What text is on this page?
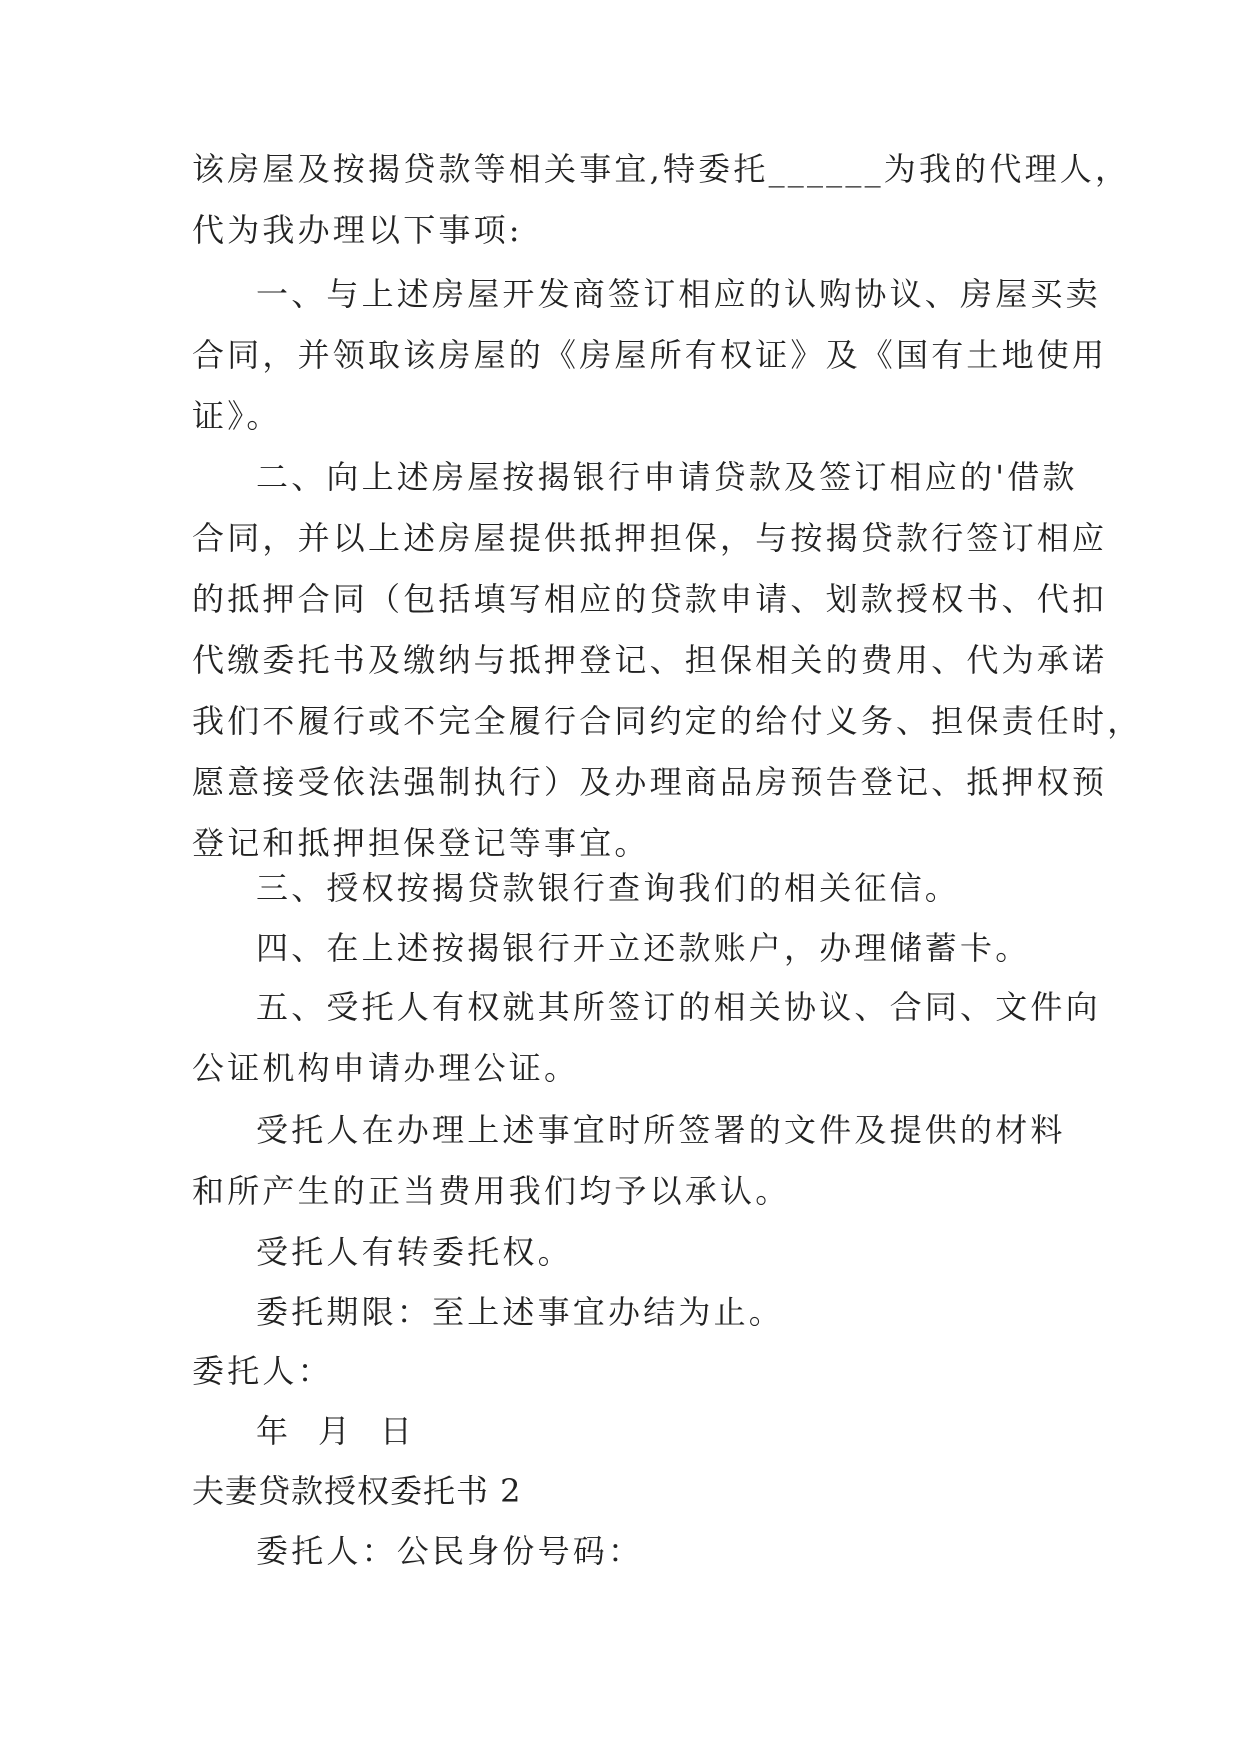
该房屋及按揭贷款等相关事宜,特委托______为我的代理人，
代为我办理以下事项:
一、与上述房屋开发商签订相应的认购协议、房屋买卖
合同，并领取该房屋的《房屋所有权证》及《国有土地使用
证》。
二、向上述房屋按揭银行申请贷款及签订相应的'借款
合同，并以上述房屋提供抵押担保，与按揭贷款行签订相应
的抵押合同（包括填写相应的贷款申请、划款授权书、代扣
代缴委托书及缴纳与抵押登记、担保相关的费用、代为承诺
我们不履行或不完全履行合同约定的给付义务、担保责任时，
愿意接受依法强制执行）及办理商品房预告登记、抵押权预
登记和抵押担保登记等事宜。
三、授权按揭贷款银行查询我们的相关征信。
四、在上述按揭银行开立还款账户，办理储蓄卡。
五、受托人有权就其所签订的相关协议、合同、文件向
公证机构申请办理公证。
受托人在办理上述事宜时所签署的文件及提供的材料
和所产生的正当费用我们均予以承认。
受托人有转委托权。
委托期限：至上述事宜办结为止。
委托人：
年  月  日
夫妻贷款授权委托书 2
委托人：公民身份号码：
